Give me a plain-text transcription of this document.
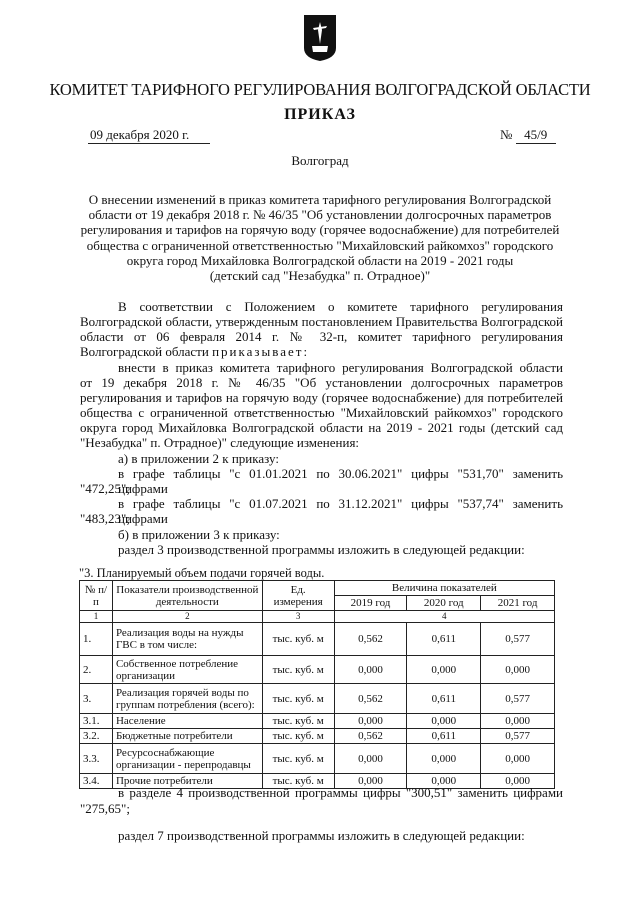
КОМИТЕТ ТАРИФНОГО РЕГУЛИРОВАНИЯ ВОЛГОГРАДСКОЙ ОБЛАСТИ
ПРИКАЗ
09 декабря 2020 г.	№ 45/9
Волгоград
О внесении изменений в приказ комитета тарифного регулирования Волгоградской
области от 19 декабря 2018 г. № 46/35 "Об установлении долгосрочных параметров
регулирования и тарифов на горячую воду (горячее водоснабжение) для потребителей
общества с ограниченной ответственностью "Михайловский райкомхоз" городского
округа город Михайловка Волгоградской области на 2019 - 2021 годы
(детский сад "Незабудка" п. Отрадное)"
В соответствии с Положением о комитете тарифного регулирования
Волгоградской области, утвержденным постановлением Правительства Волгоградской
области от 06 февраля 2014 г. № 32-п, комитет тарифного регулирования
Волгоградской области приказывает:
внести в приказ комитета тарифного регулирования Волгоградской области
от 19 декабря 2018 г. № 46/35 "Об установлении долгосрочных параметров
регулирования и тарифов на горячую воду (горячее водоснабжение) для потребителей
общества с ограниченной ответственностью "Михайловский райкомхоз" городского
округа город Михайловка Волгоградской области на 2019 - 2021 годы (детский сад
"Незабудка" п. Отрадное)" следующие изменения:
а) в приложении 2 к приказу:
в графе таблицы "с 01.01.2021 по 30.06.2021" цифры "531,70" заменить цифрами
"472,25";
в графе таблицы "с 01.07.2021 по 31.12.2021" цифры "537,74" заменить цифрами
"483,23";
б) в приложении 3 к приказу:
раздел 3 производственной программы изложить в следующей редакции:
"3. Планируемый объем подачи горячей воды.
№ п/п	Показатели производственной деятельности	Ед. измерения	Величина показателей		
			2019 год	2020 год	2021 год
1	2	3	4		
1.	Реализация воды на нужды ГВС в том числе:	тыс. куб. м	0,562	0,611	0,577
2.	Собственное потребление организации	тыс. куб. м	0,000	0,000	0,000
3.	Реализация горячей воды по группам потребления (всего):	тыс. куб. м	0,562	0,611	0,577
3.1.	Население	тыс. куб. м	0,000	0,000	0,000
3.2.	Бюджетные потребители	тыс. куб. м	0,562	0,611	0,577
3.3.	Ресурсоснабжающие организации - перепродавцы	тыс. куб. м	0,000	0,000	0,000
3.4.	Прочие потребители	тыс. куб. м	0,000	0,000	0,000
в разделе 4 производственной программы цифры "300,51" заменить цифрами
"275,65";
раздел 7 производственной программы изложить в следующей редакции:
